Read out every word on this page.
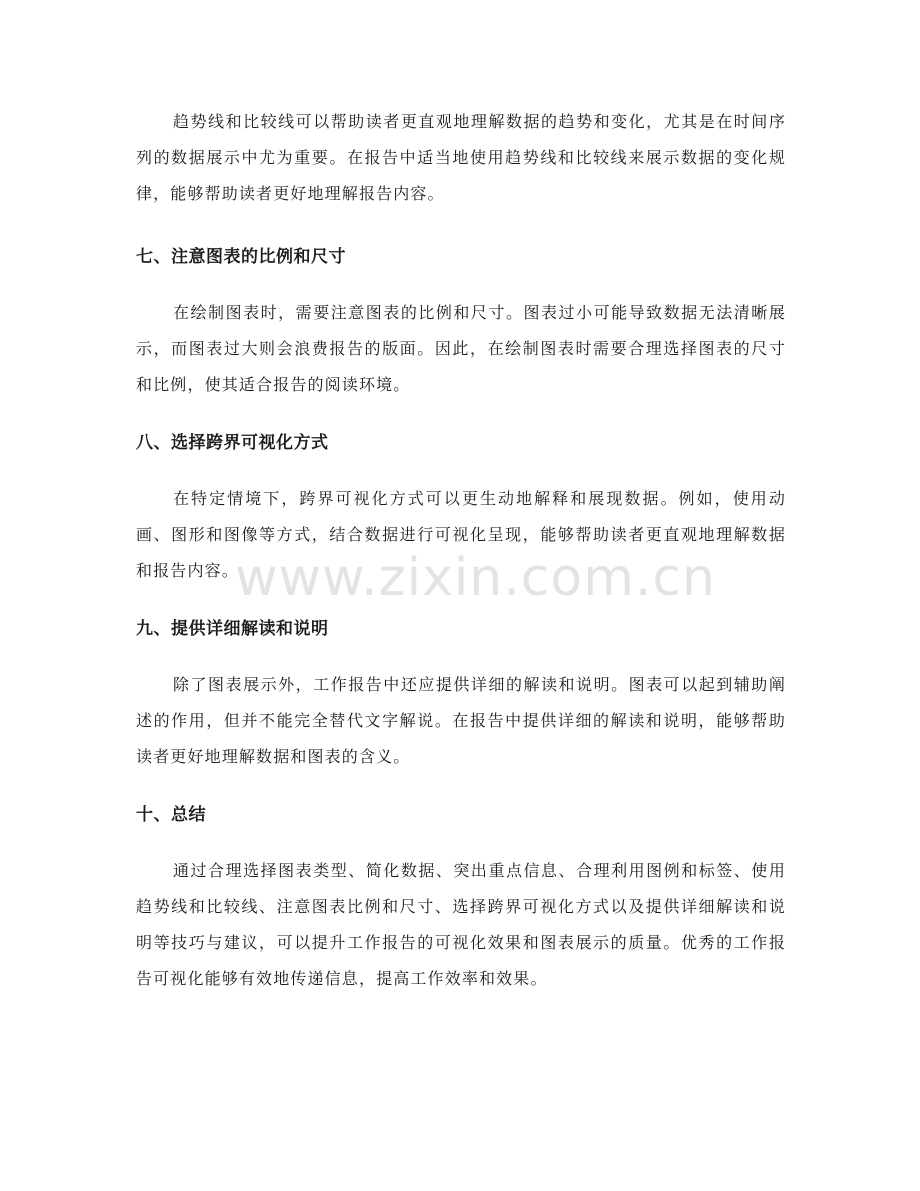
趋势线和比较线可以帮助读者更直观地理解数据的趋势和变化，尤其是在时间序列的数据展示中尤为重要。在报告中适当地使用趋势线和比较线来展示数据的变化规律，能够帮助读者更好地理解报告内容。

七、注意图表的比例和尺寸

在绘制图表时，需要注意图表的比例和尺寸。图表过小可能导致数据无法清晰展示，而图表过大则会浪费报告的版面。因此，在绘制图表时需要合理选择图表的尺寸和比例，使其适合报告的阅读环境。

八、选择跨界可视化方式

在特定情境下，跨界可视化方式可以更生动地解释和展现数据。例如，使用动画、图形和图像等方式，结合数据进行可视化呈现，能够帮助读者更直观地理解数据和报告内容。

九、提供详细解读和说明

除了图表展示外，工作报告中还应提供详细的解读和说明。图表可以起到辅助阐述的作用，但并不能完全替代文字解说。在报告中提供详细的解读和说明，能够帮助读者更好地理解数据和图表的含义。

十、总结

通过合理选择图表类型、简化数据、突出重点信息、合理利用图例和标签、使用趋势线和比较线、注意图表比例和尺寸、选择跨界可视化方式以及提供详细解读和说明等技巧与建议，可以提升工作报告的可视化效果和图表展示的质量。优秀的工作报告可视化能够有效地传递信息，提高工作效率和效果。

www.zixin.com.cn
